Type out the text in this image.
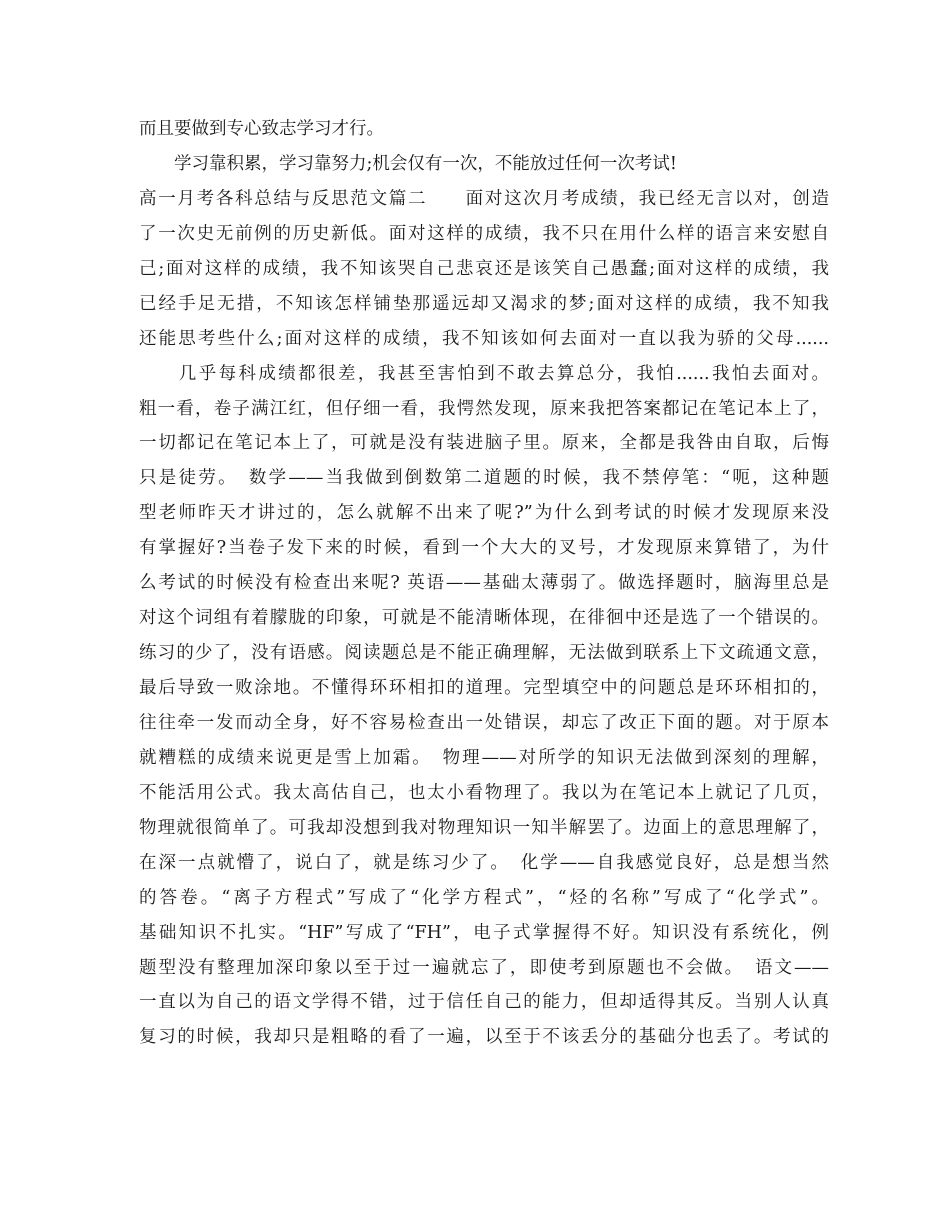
而且要做到专心致志学习才行。
　　学习靠积累，学习靠努力;机会仅有一次，不能放过任何一次考试!
高一月考各科总结与反思范文篇二　　面对这次月考成绩，我已经无言以对，创造
了一次史无前例的历史新低。面对这样的成绩，我不只在用什么样的语言来安慰自
己;面对这样的成绩，我不知该哭自己悲哀还是该笑自己愚蠢;面对这样的成绩，我
已经手足无措，不知该怎样铺垫那遥远却又渴求的梦;面对这样的成绩，我不知我
还能思考些什么;面对这样的成绩，我不知该如何去面对一直以我为骄的父母......
　　几乎每科成绩都很差，我甚至害怕到不敢去算总分，我怕......我怕去面对。
粗一看，卷子满江红，但仔细一看，我愕然发现，原来我把答案都记在笔记本上了，
一切都记在笔记本上了，可就是没有装进脑子里。原来，全都是我咎由自取，后悔
只是徒劳。　数学——当我做到倒数第二道题的时候，我不禁停笔：“呃，这种题
型老师昨天才讲过的，怎么就解不出来了呢?”为什么到考试的时候才发现原来没
有掌握好?当卷子发下来的时候，看到一个大大的叉号，才发现原来算错了，为什
么考试的时候没有检查出来呢? 英语——基础太薄弱了。做选择题时，脑海里总是
对这个词组有着朦胧的印象，可就是不能清晰体现，在徘徊中还是选了一个错误的。
练习的少了，没有语感。阅读题总是不能正确理解，无法做到联系上下文疏通文意，
最后导致一败涂地。不懂得环环相扣的道理。完型填空中的问题总是环环相扣的，
往往牵一发而动全身，好不容易检查出一处错误，却忘了改正下面的题。对于原本
就糟糕的成绩来说更是雪上加霜。　物理——对所学的知识无法做到深刻的理解，
不能活用公式。我太高估自己，也太小看物理了。我以为在笔记本上就记了几页，
物理就很简单了。可我却没想到我对物理知识一知半解罢了。边面上的意思理解了，
在深一点就懵了，说白了，就是练习少了。　化学——自我感觉良好，总是想当然
的答卷。“离子方程式”写成了“化学方程式”，“烃的名称”写成了“化学式”。
基础知识不扎实。“HF”写成了“FH”，电子式掌握得不好。知识没有系统化，例
题型没有整理加深印象以至于过一遍就忘了，即使考到原题也不会做。　语文——
一直以为自己的语文学得不错，过于信任自己的能力，但却适得其反。当别人认真
复习的时候，我却只是粗略的看了一遍，以至于不该丢分的基础分也丢了。考试的
